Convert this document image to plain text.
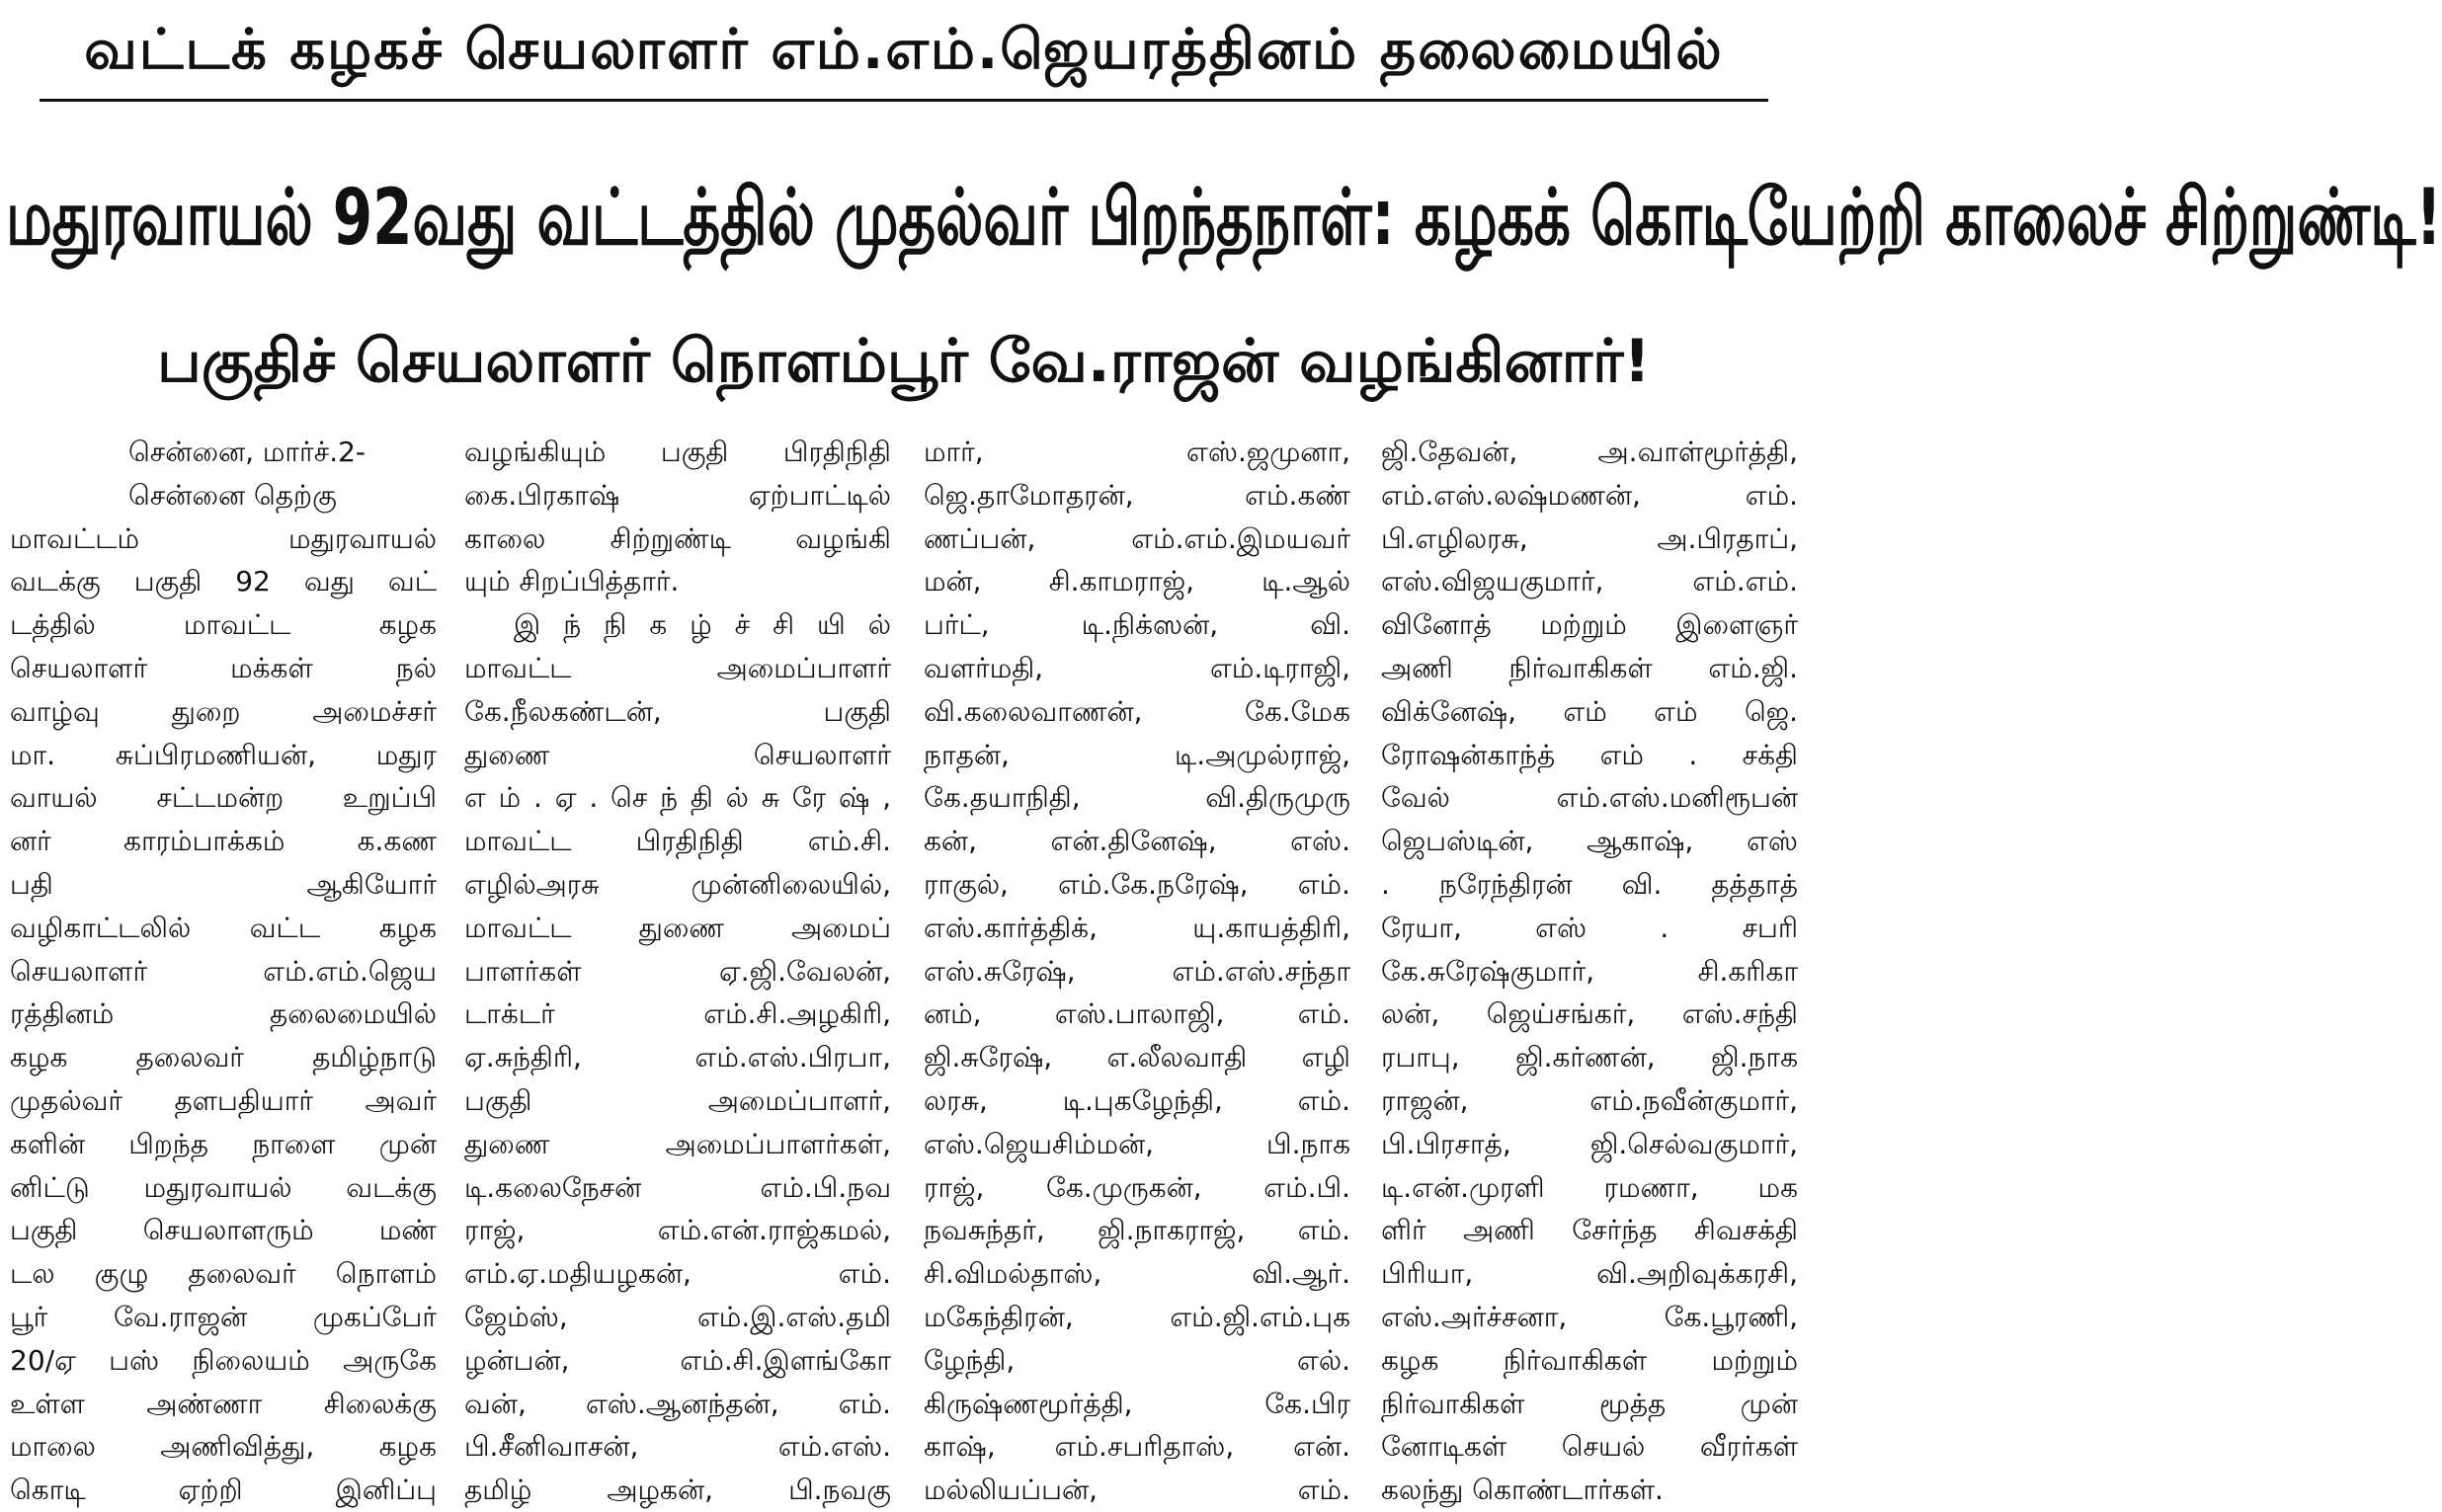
வட்டக் கழகச் செயலாளர் எம்.எம்.ஜெயரத்தினம் தலைமையில்
மதுரவாயல் 92வது வட்டத்தில் முதல்வர் பிறந்தநாள்: கழகக் கொடியேற்றி காலைச் சிற்றுண்டி!
பகுதிச் செயலாளர் நொளம்பூர் வே.ராஜன் வழங்கினார்!
சென்னை, மார்ச்.2-
சென்னை தெற்கு
மாவட்டம் மதுரவாயல்
வடக்கு பகுதி 92 வது வட்
டத்தில் மாவட்ட கழக
செயலாளர் மக்கள் நல்
வாழ்வு துறை அமைச்சர்
மா. சுப்பிரமணியன், மதுர
வாயல் சட்டமன்ற உறுப்பி
னர் காரம்பாக்கம் க.கண
பதி ஆகியோர்
வழிகாட்டலில் வட்ட கழக
செயலாளர் எம்.எம்.ஜெய
ரத்தினம் தலைமையில்
கழக தலைவர் தமிழ்நாடு
முதல்வர் தளபதியார் அவர்
களின் பிறந்த நாளை முன்
னிட்டு மதுரவாயல் வடக்கு
பகுதி செயலாளரும் மண்
டல குழு தலைவர் நொளம்
பூர் வே.ராஜன் முகப்பேர்
20/ஏ பஸ் நிலையம் அருகே
உள்ள அண்ணா சிலைக்கு
மாலை அணிவித்து, கழக
கொடி ஏற்றி இனிப்பு
வழங்கியும் பகுதி பிரதிநிதி
கை.பிரகாஷ் ஏற்பாட்டில்
காலை சிற்றுண்டி வழங்கி
யும் சிறப்பித்தார்.
இ ந் நி க ழ் ச் சி யி ல்
மாவட்ட அமைப்பாளர்
கே.நீலகண்டன், பகுதி
துணை செயலாளர்
எ ம் . ஏ . செ ந் தி ல் சு ரே ஷ் ,
மாவட்ட பிரதிநிதி எம்.சி.
எழில்அரசு முன்னிலையில்,
மாவட்ட துணை அமைப்
பாளர்கள் ஏ.ஜி.வேலன்,
டாக்டர் எம்.சி.அழகிரி,
ஏ.சுந்திரி, எம்.எஸ்.பிரபா,
பகுதி அமைப்பாளர்,
துணை அமைப்பாளர்கள்,
டி.கலைநேசன் எம்.பி.நவ
ராஜ், எம்.என்.ராஜ்கமல்,
எம்.ஏ.மதியழகன், எம்.
ஜேம்ஸ், எம்.இ.எஸ்.தமி
ழன்பன், எம்.சி.இளங்கோ
வன், எஸ்.ஆனந்தன், எம்.
பி.சீனிவாசன், எம்.எஸ்.
தமிழ் அழகன், பி.நவகு
மார், எஸ்.ஜமுனா,
ஜெ.தாமோதரன், எம்.கண்
ணப்பன், எம்.எம்.இமயவர்
மன், சி.காமராஜ், டி.ஆல்
பர்ட், டி.நிக்ஸன், வி.
வளர்மதி, எம்.டிராஜி,
வி.கலைவாணன், கே.மேக
நாதன், டி.அமுல்ராஜ்,
கே.தயாநிதி, வி.திருமுரு
கன், என்.தினேஷ், எஸ்.
ராகுல், எம்.கே.நரேஷ், எம்.
எஸ்.கார்த்திக், யு.காயத்திரி,
எஸ்.சுரேஷ், எம்.எஸ்.சந்தா
னம், எஸ்.பாலாஜி, எம்.
ஜி.சுரேஷ், எ.லீலவாதி எழி
லரசு, டி.புகழேந்தி, எம்.
எஸ்.ஜெயசிம்மன், பி.நாக
ராஜ், கே.முருகன், எம்.பி.
நவசுந்தர், ஜி.நாகராஜ், எம்.
சி.விமல்தாஸ், வி.ஆர்.
மகேந்திரன், எம்.ஜி.எம்.புக
ழேந்தி, எல்.
கிருஷ்ணமூர்த்தி, கே.பிர
காஷ், எம்.சபரிதாஸ், என்.
மல்லியப்பன், எம்.
ஜி.தேவன், அ.வாள்மூர்த்தி,
எம்.எஸ்.லஷ்மணன், எம்.
பி.எழிலரசு, அ.பிரதாப்,
எஸ்.விஜயகுமார், எம்.எம்.
வினோத் மற்றும் இளைஞர்
அணி நிர்வாகிகள் எம்.ஜி.
விக்னேஷ், எம் எம் ஜெ.
ரோஷன்காந்த் எம் . சக்தி
வேல் எம்.எஸ்.மனிரூபன்
ஜெபஸ்டின், ஆகாஷ், எஸ்
. நரேந்திரன் வி. தத்தாத்
ரேயா, எஸ் . சபரி
கே.சுரேஷ்குமார், சி.கரிகா
லன், ஜெய்சங்கர், எஸ்.சந்தி
ரபாபு, ஜி.கர்ணன், ஜி.நாக
ராஜன், எம்.நவீன்குமார்,
பி.பிரசாத், ஜி.செல்வகுமார்,
டி.என்.முரளி ரமணா, மக
ளிர் அணி சேர்ந்த சிவசக்தி
பிரியா, வி.அறிவுக்கரசி,
எஸ்.அர்ச்சனா, கே.பூரணி,
கழக நிர்வாகிகள் மற்றும்
நிர்வாகிகள் மூத்த முன்
னோடிகள் செயல் வீரர்கள்
கலந்து கொண்டார்கள்.
